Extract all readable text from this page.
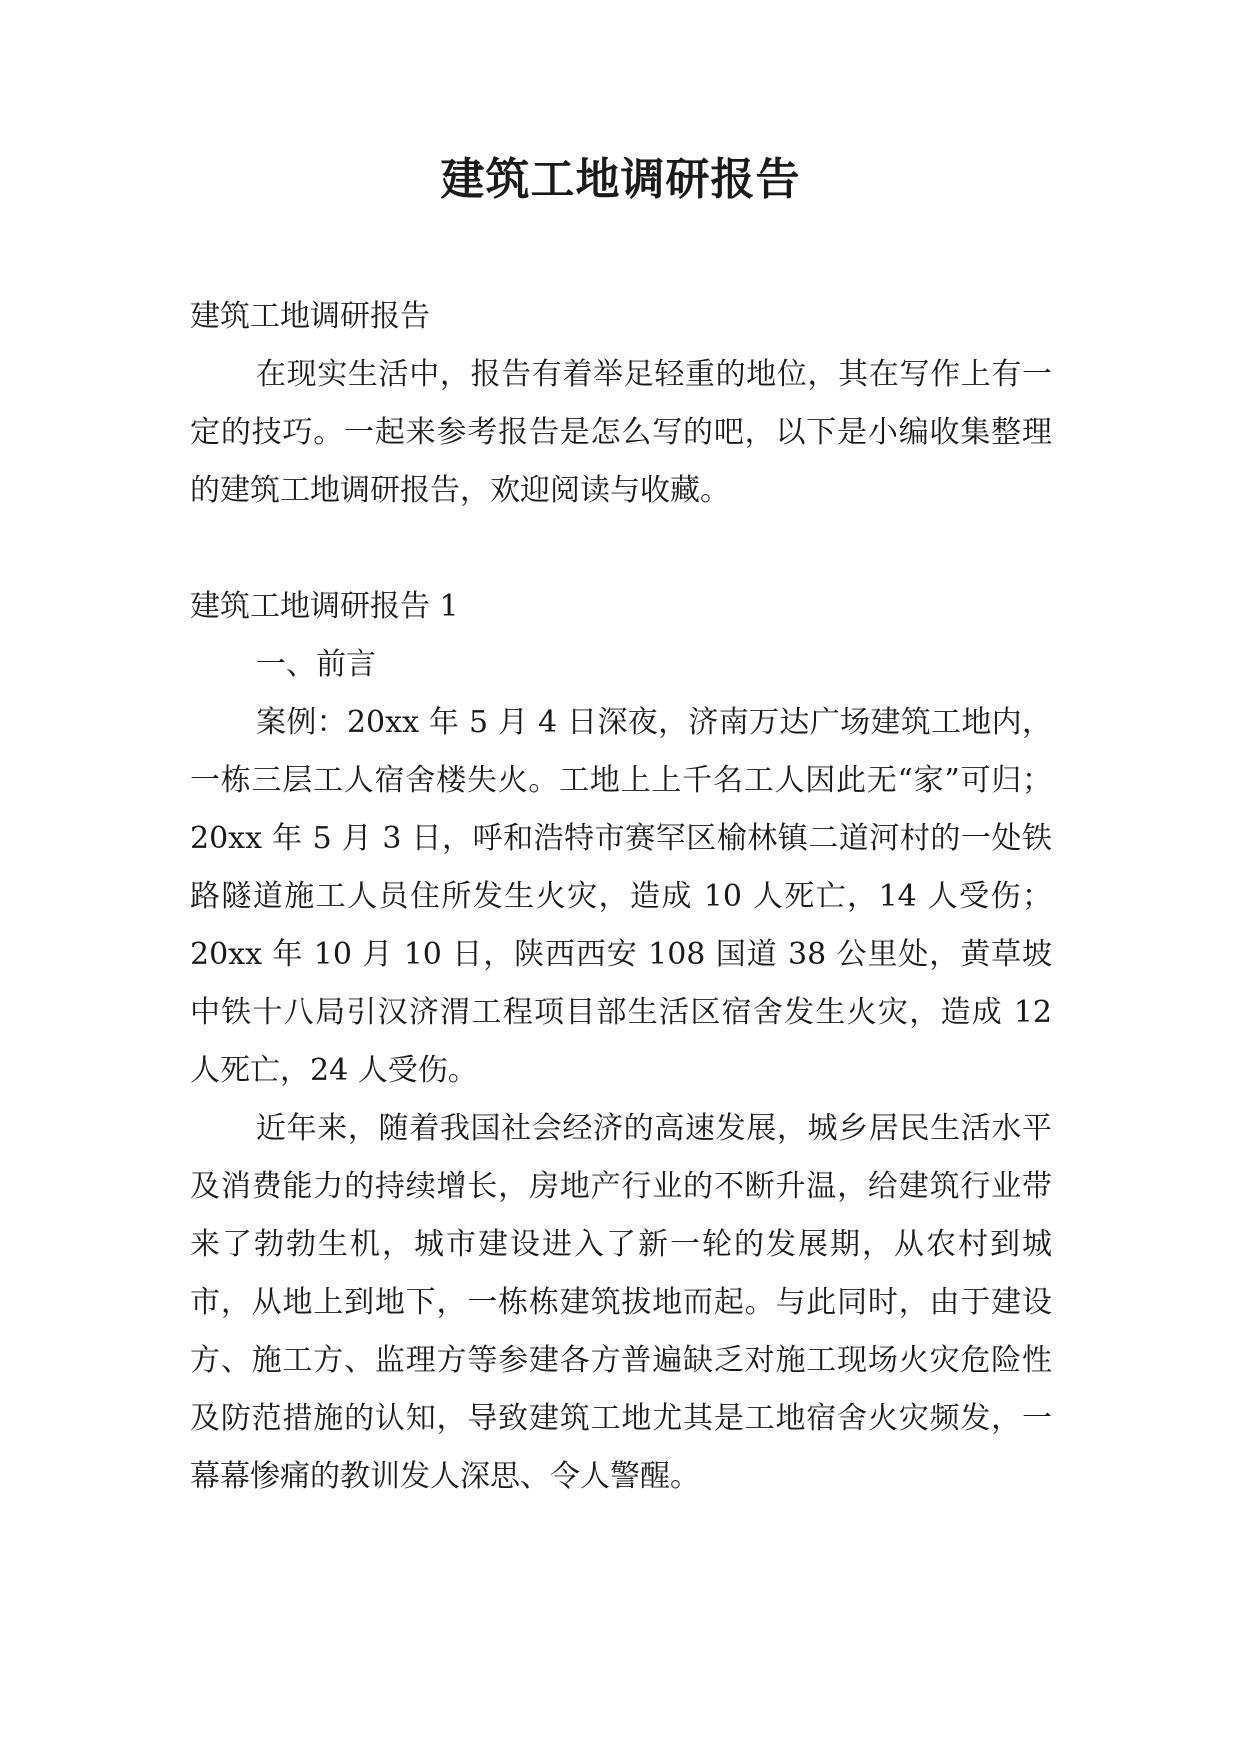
建筑工地调研报告

建筑工地调研报告

在现实生活中，报告有着举足轻重的地位，其在写作上有一定的技巧。一起来参考报告是怎么写的吧，以下是小编收集整理的建筑工地调研报告，欢迎阅读与收藏。

建筑工地调研报告 1

一、前言

案例：20xx 年 5 月 4 日深夜，济南万达广场建筑工地内，一栋三层工人宿舍楼失火。工地上上千名工人因此无“家”可归；20xx 年 5 月 3 日，呼和浩特市赛罕区榆林镇二道河村的一处铁路隧道施工人员住所发生火灾，造成 10 人死亡，14 人受伤；20xx 年 10 月 10 日，陕西西安 108 国道 38 公里处，黄草坡中铁十八局引汉济渭工程项目部生活区宿舍发生火灾，造成 12 人死亡，24 人受伤。

近年来，随着我国社会经济的高速发展，城乡居民生活水平及消费能力的持续增长，房地产行业的不断升温，给建筑行业带来了勃勃生机，城市建设进入了新一轮的发展期，从农村到城市，从地上到地下，一栋栋建筑拔地而起。与此同时，由于建设方、施工方、监理方等参建各方普遍缺乏对施工现场火灾危险性及防范措施的认知，导致建筑工地尤其是工地宿舍火灾频发，一幕幕惨痛的教训发人深思、令人警醒。
